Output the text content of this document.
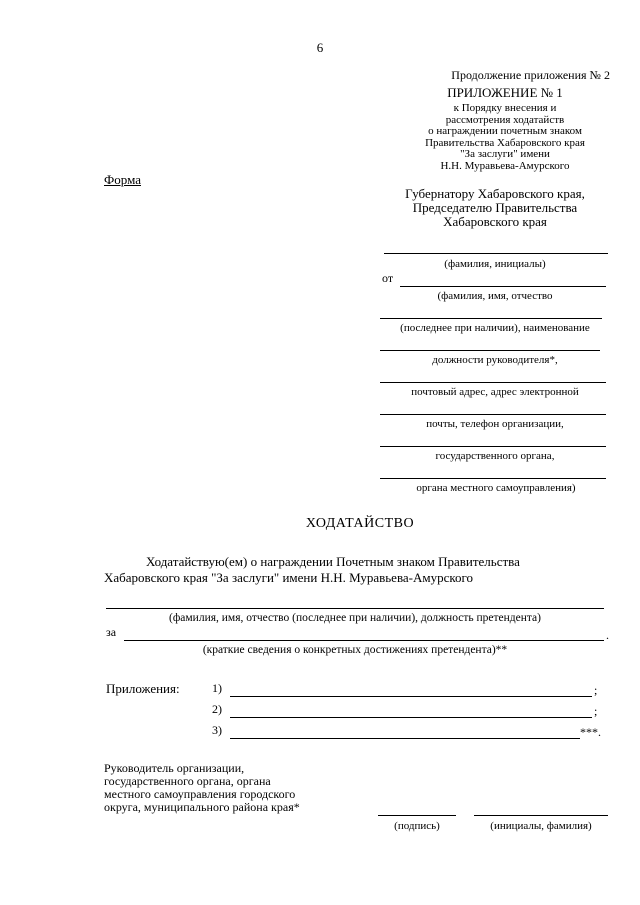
6
Продолжение приложения № 2
ПРИЛОЖЕНИЕ № 1
к Порядку внесения и
рассмотрения ходатайств
о награждении почетным знаком
Правительства Хабаровского края
"За заслуги" имени
Н.Н. Муравьева-Амурского
Форма
Губернатору Хабаровского края,
Председателю Правительства
Хабаровского края
(фамилия, инициалы)
от
(фамилия, имя, отчество
(последнее при наличии), наименование
должности руководителя*,
почтовый адрес, адрес электронной
почты, телефон организации,
государственного органа,
органа местного самоуправления)
ХОДАТАЙСТВО
Ходатайствую(ем) о награждении Почетным знаком Правительства
Хабаровского края "За заслуги" имени Н.Н. Муравьева-Амурского
(фамилия, имя, отчество (последнее при наличии), должность претендента)
за	.
(краткие сведения о конкретных достижениях претендента)**
Приложения:	1)	;
2)	;
3)	***.
Руководитель организации,
государственного органа, органа
местного самоуправления городского
округа, муниципального района края*
(подпись)	(инициалы, фамилия)
